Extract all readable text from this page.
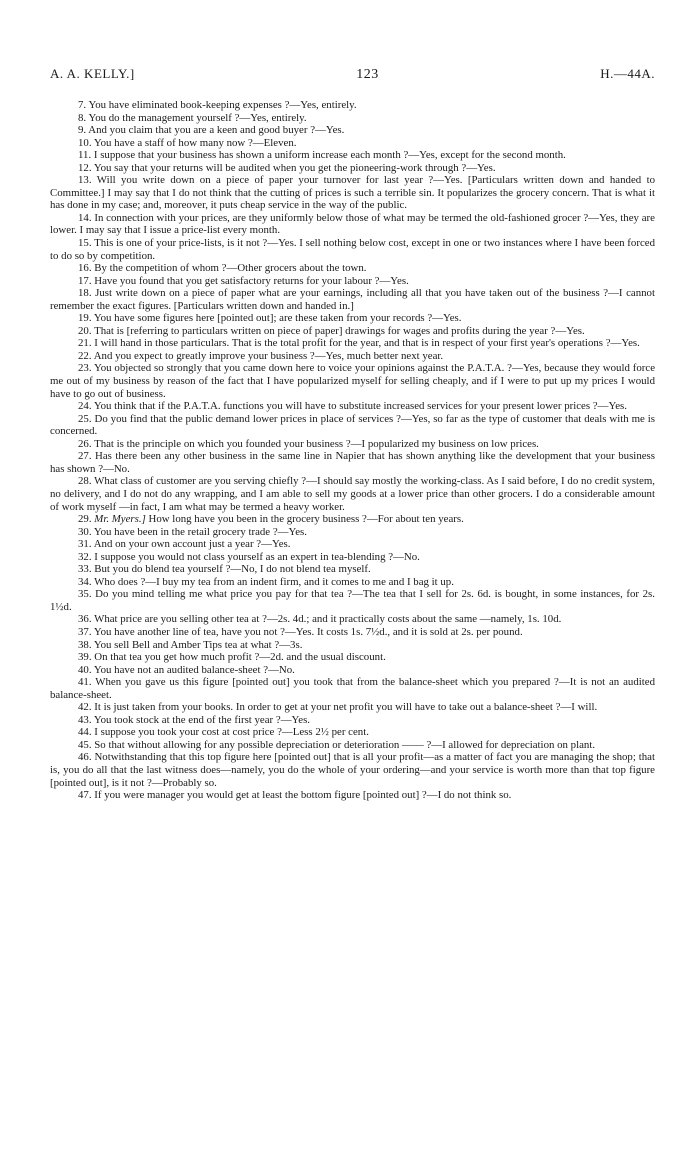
A. A. KELLY.]	123	H.—44A.

7. You have eliminated book-keeping expenses ?—Yes, entirely.

8. You do the management yourself ?—Yes, entirely.

9. And you claim that you are a keen and good buyer ?—Yes.

10. You have a staff of how many now ?—Eleven.

11. I suppose that your business has shown a uniform increase each month ?—Yes, except for the second month.

12. You say that your returns will be audited when you get the pioneering-work through ?—Yes.

13. Will you write down on a piece of paper your turnover for last year ?—Yes. [Particulars written down and handed to Committee.] I may say that I do not think that the cutting of prices is such a terrible sin. It popularizes the grocery concern. That is what it has done in my case; and, moreover, it puts cheap service in the way of the public.

14. In connection with your prices, are they uniformly below those of what may be termed the old-fashioned grocer ?—Yes, they are lower. I may say that I issue a price-list every month.

15. This is one of your price-lists, is it not ?—Yes. I sell nothing below cost, except in one or two instances where I have been forced to do so by competition.

16. By the competition of whom ?—Other grocers about the town.

17. Have you found that you get satisfactory returns for your labour ?—Yes.

18. Just write down on a piece of paper what are your earnings, including all that you have taken out of the business ?—I cannot remember the exact figures. [Particulars written down and handed in.]

19. You have some figures here [pointed out]; are these taken from your records ?—Yes.

20. That is [referring to particulars written on piece of paper] drawings for wages and profits during the year ?—Yes.

21. I will hand in those particulars. That is the total profit for the year, and that is in respect of your first year's operations ?—Yes.

22. And you expect to greatly improve your business ?—Yes, much better next year.

23. You objected so strongly that you came down here to voice your opinions against the P.A.T.A. ?—Yes, because they would force me out of my business by reason of the fact that I have popularized myself for selling cheaply, and if I were to put up my prices I would have to go out of business.

24. You think that if the P.A.T.A. functions you will have to substitute increased services for your present lower prices ?—Yes.

25. Do you find that the public demand lower prices in place of services ?—Yes, so far as the type of customer that deals with me is concerned.

26. That is the principle on which you founded your business ?—I popularized my business on low prices.

27. Has there been any other business in the same line in Napier that has shown anything like the development that your business has shown ?—No.

28. What class of customer are you serving chiefly ?—I should say mostly the working-class. As I said before, I do no credit system, no delivery, and I do not do any wrapping, and I am able to sell my goods at a lower price than other grocers. I do a considerable amount of work myself —in fact, I am what may be termed a heavy worker.

29. Mr. Myers.] How long have you been in the grocery business ?—For about ten years.

30. You have been in the retail grocery trade ?—Yes.

31. And on your own account just a year ?—Yes.

32. I suppose you would not class yourself as an expert in tea-blending ?—No.

33. But you do blend tea yourself ?—No, I do not blend tea myself.

34. Who does ?—I buy my tea from an indent firm, and it comes to me and I bag it up.

35. Do you mind telling me what price you pay for that tea ?—The tea that I sell for 2s. 6d. is bought, in some instances, for 2s. 1½d.

36. What price are you selling other tea at ?—2s. 4d.; and it practically costs about the same —namely, 1s. 10d.

37. You have another line of tea, have you not ?—Yes. It costs 1s. 7½d., and it is sold at 2s. per pound.

38. You sell Bell and Amber Tips tea at what ?—3s.

39. On that tea you get how much profit ?—2d. and the usual discount.

40. You have not an audited balance-sheet ?—No.

41. When you gave us this figure [pointed out] you took that from the balance-sheet which you prepared ?—It is not an audited balance-sheet.

42. It is just taken from your books. In order to get at your net profit you will have to take out a balance-sheet ?—I will.

43. You took stock at the end of the first year ?—Yes.

44. I suppose you took your cost at cost price ?—Less 2½ per cent.

45. So that without allowing for any possible depreciation or deterioration —— ?—I allowed for depreciation on plant.

46. Notwithstanding that this top figure here [pointed out] that is all your profit—as a matter of fact you are managing the shop; that is, you do all that the last witness does—namely, you do the whole of your ordering—and your service is worth more than that top figure [pointed out], is it not ?—Probably so.

47. If you were manager you would get at least the bottom figure [pointed out] ?—I do not think so.
